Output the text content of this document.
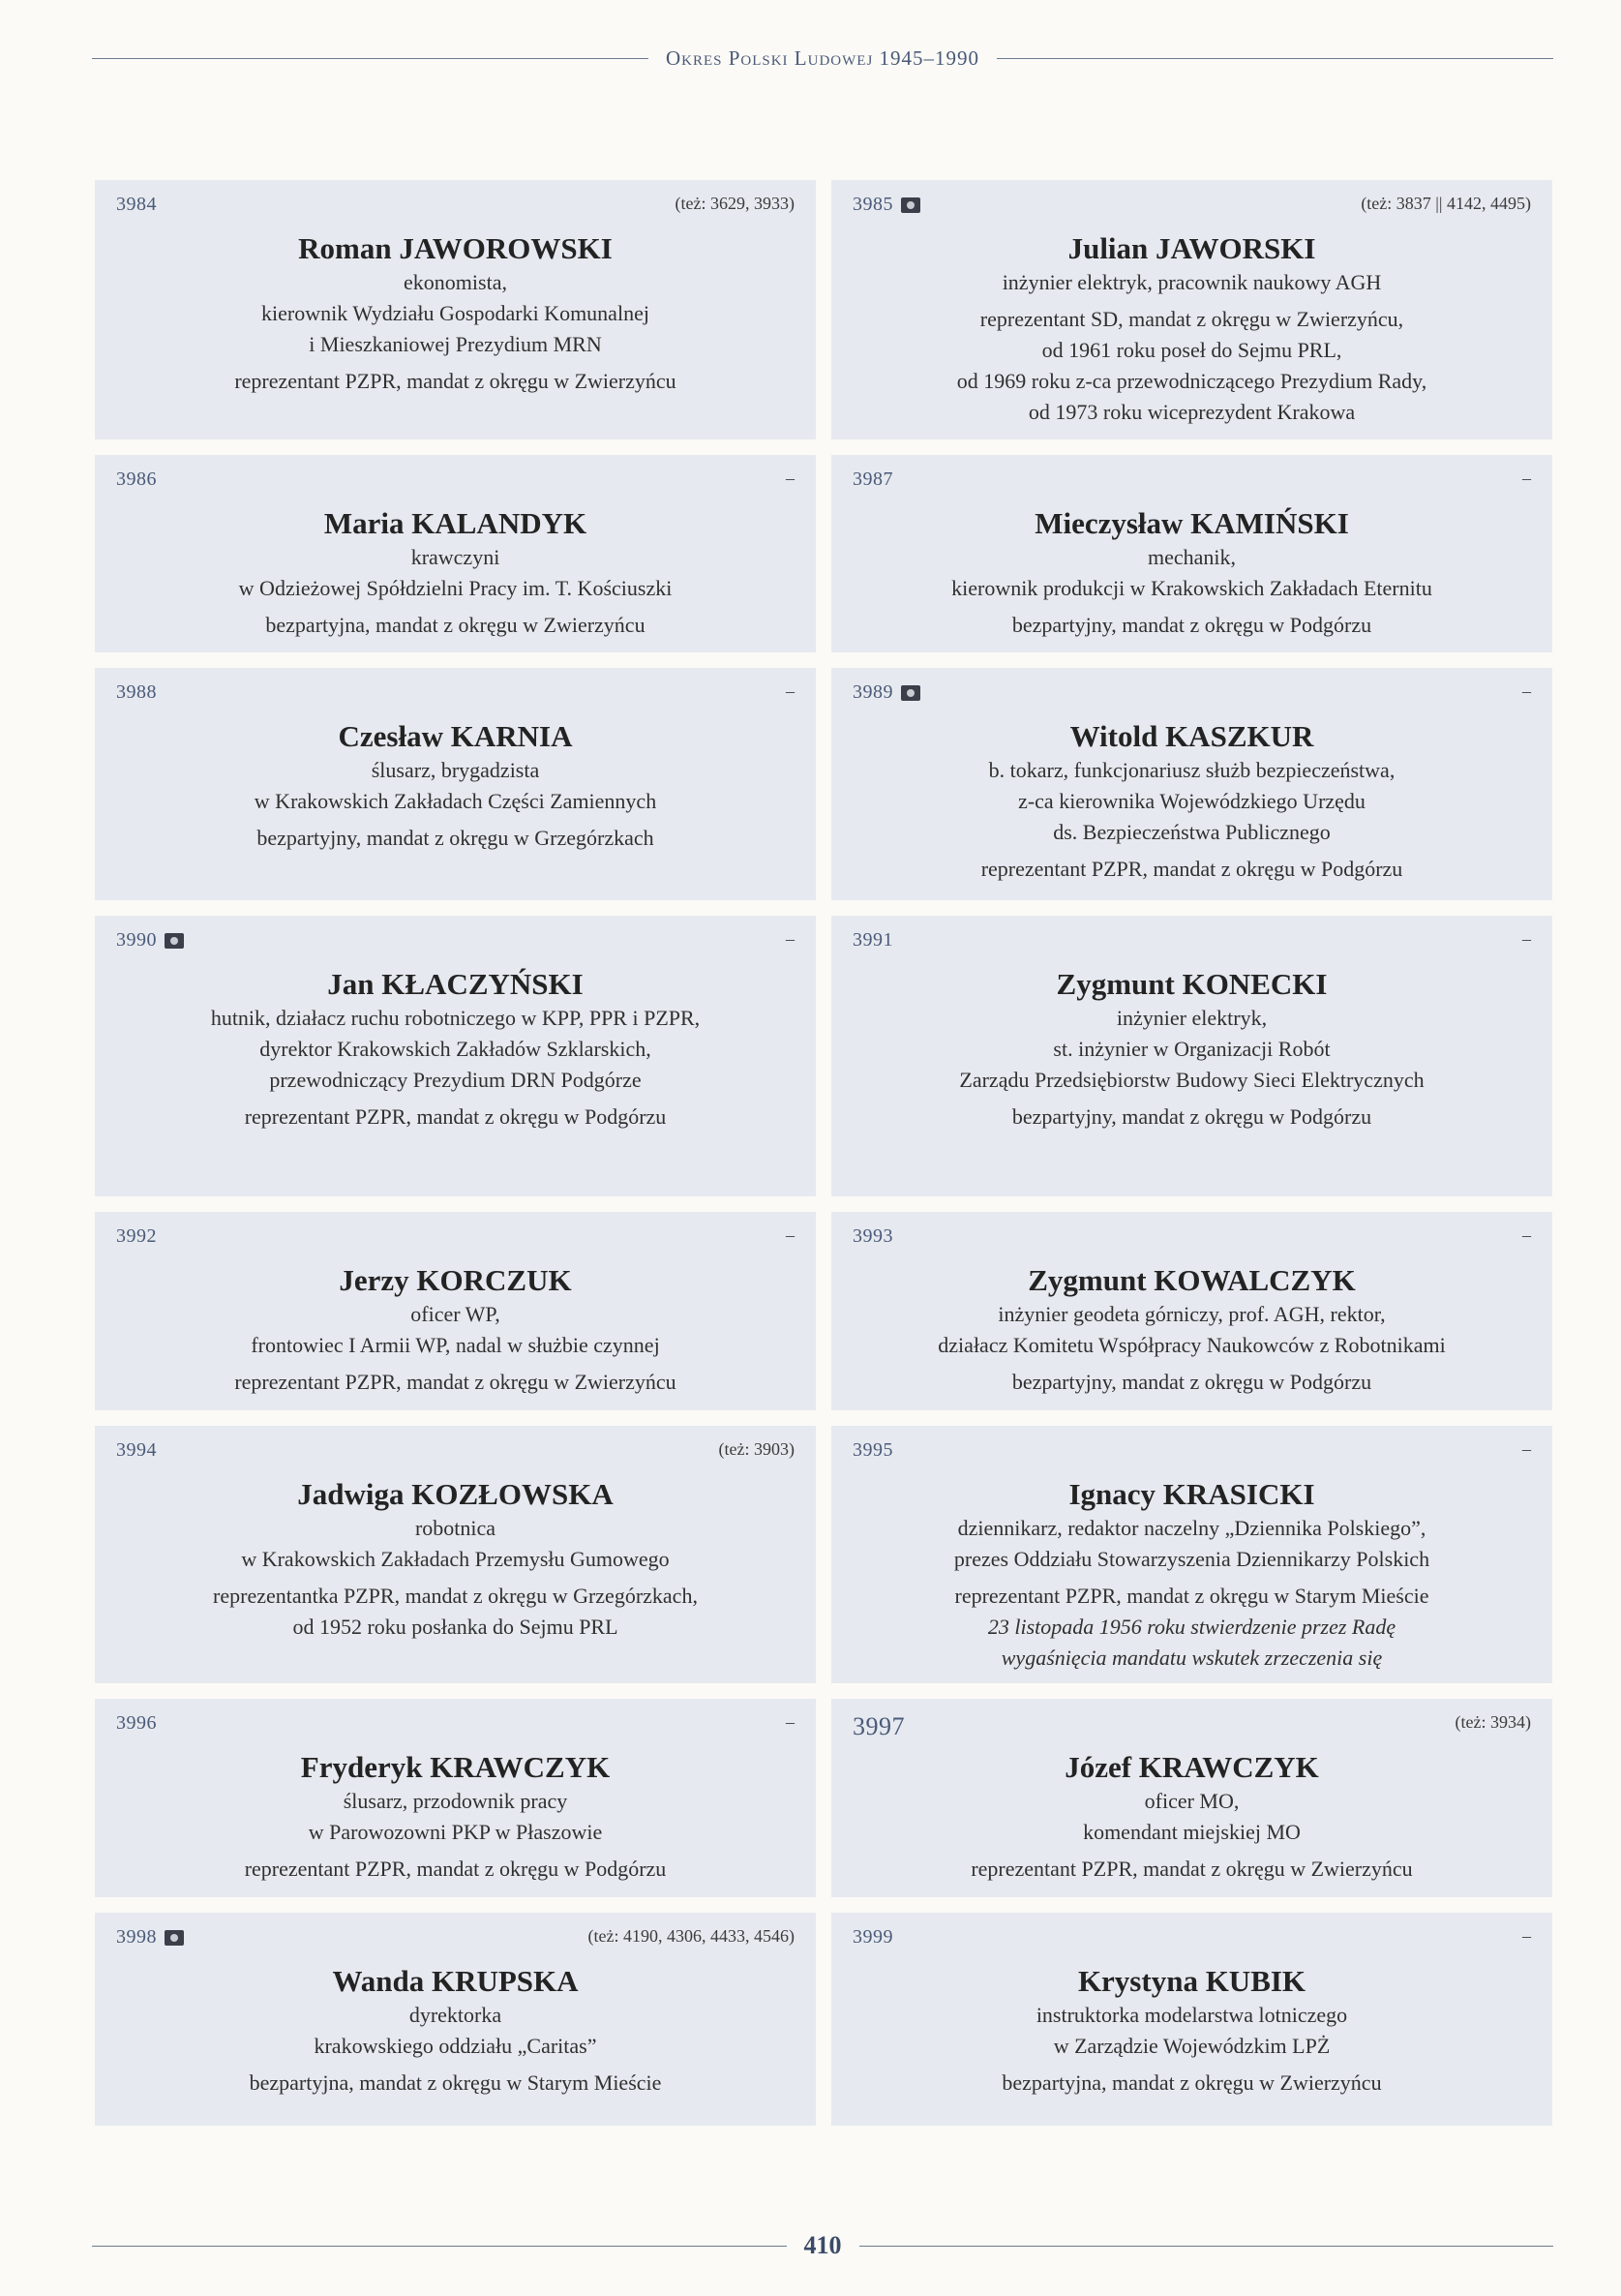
Okres Polski Ludowej 1945–1990
3984	(też: 3629, 3933)
Roman JAWOROWSKI
ekonomista,
kierownik Wydziału Gospodarki Komunalnej
i Mieszkaniowej Prezydium MRN
reprezentant PZPR, mandat z okręgu w Zwierzyńcu
3985	(też: 3837 || 4142, 4495)
Julian JAWORSKI
inżynier elektryk, pracownik naukowy AGH
reprezentant SD, mandat z okręgu w Zwierzyńcu,
od 1961 roku poseł do Sejmu PRL,
od 1969 roku z-ca przewodniczącego Prezydium Rady,
od 1973 roku wiceprezydent Krakowa
3986	–
Maria KALANDYK
krawczyni
w Odzieżowej Spółdzielni Pracy im. T. Kościuszki
bezpartyjna, mandat z okręgu w Zwierzyńcu
3987	–
Mieczysław KAMIŃSKI
mechanik,
kierownik produkcji w Krakowskich Zakładach Eternitu
bezpartyjny, mandat z okręgu w Podgórzu
3988	–
Czesław KARNIA
ślusarz, brygadzista
w Krakowskich Zakładach Części Zamiennych
bezpartyjny, mandat z okręgu w Grzegórzkach
3989	–
Witold KASZKUR
b. tokarz, funkcjonariusz służb bezpieczeństwa,
z-ca kierownika Wojewódzkiego Urzędu
ds. Bezpieczeństwa Publicznego
reprezentant PZPR, mandat z okręgu w Podgórzu
3990	–
Jan KŁACZYŃSKI
hutnik, działacz ruchu robotniczego w KPP, PPR i PZPR,
dyrektor Krakowskich Zakładów Szklarskich,
przewodniczący Prezydium DRN Podgórze
reprezentant PZPR, mandat z okręgu w Podgórzu
3991	–
Zygmunt KONECKI
inżynier elektryk,
st. inżynier w Organizacji Robót
Zarządu Przedsiębiorstw Budowy Sieci Elektrycznych
bezpartyjny, mandat z okręgu w Podgórzu
3992	–
Jerzy KORCZUK
oficer WP,
frontowiec I Armii WP, nadal w służbie czynnej
reprezentant PZPR, mandat z okręgu w Zwierzyńcu
3993	–
Zygmunt KOWALCZYK
inżynier geodeta górniczy, prof. AGH, rektor,
działacz Komitetu Współpracy Naukowców z Robotnikami
bezpartyjny, mandat z okręgu w Podgórzu
3994	(też: 3903)
Jadwiga KOZŁOWSKA
robotnica
w Krakowskich Zakładach Przemysłu Gumowego
reprezentantka PZPR, mandat z okręgu w Grzegórzkach,
od 1952 roku posłanka do Sejmu PRL
3995	–
Ignacy KRASICKI
dziennikarz, redaktor naczelny „Dziennika Polskiego”,
prezes Oddziału Stowarzyszenia Dziennikarzy Polskich
reprezentant PZPR, mandat z okręgu w Starym Mieście
23 listopada 1956 roku stwierdzenie przez Radę
wygaśnięcia mandatu wskutek zrzeczenia się
3996	–
Fryderyk KRAWCZYK
ślusarz, przodownik pracy
w Parowozowni PKP w Płaszowie
reprezentant PZPR, mandat z okręgu w Podgórzu
3997	(też: 3934)
Józef KRAWCZYK
oficer MO,
komendant miejskiej MO
reprezentant PZPR, mandat z okręgu w Zwierzyńcu
3998	(też: 4190, 4306, 4433, 4546)
Wanda KRUPSKA
dyrektorka
krakowskiego oddziału „Caritas”
bezpartyjna, mandat z okręgu w Starym Mieście
3999	–
Krystyna KUBIK
instruktorka modelarstwa lotniczego
w Zarządzie Wojewódzkim LPŻ
bezpartyjna, mandat z okręgu w Zwierzyńcu
410
